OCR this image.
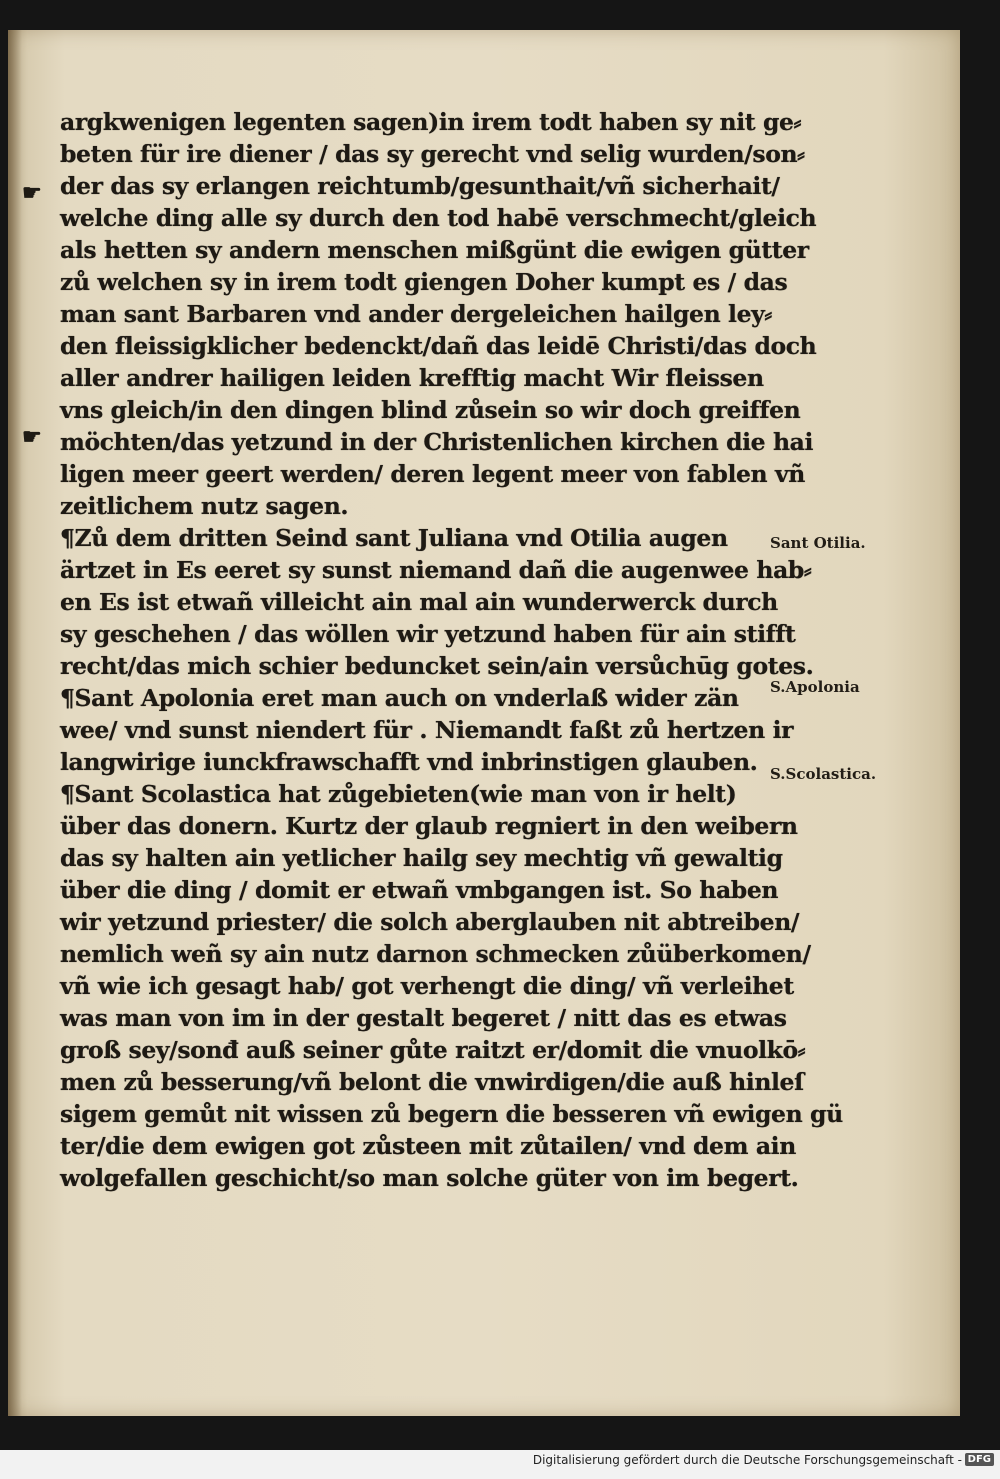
☛
☛
argkwenigen legenten sagen)in irem todt haben sy nit ge⸗
beten für ire diener / das sy gerecht vnd selig wurden/son⸗
der das sy erlangen reichtumb/gesunthait/vñ sicherhait/
welche ding alle sy durch den tod habē verschmecht/gleich
als hetten sy andern menschen mißgünt die ewigen gütter
zů welchen sy in irem todt giengen Doher kumpt es / das
man sant Barbaren vnd ander dergeleichen hailgen ley⸗
den fleissigklicher bedenckt/dañ das leidē Christi/das doch
aller andrer hailigen leiden krefftig macht Wir fleissen
vns gleich/in den dingen blind zůsein so wir doch greiffen
möchten/das yetzund in der Christenlichen kirchen die hai
ligen meer geert werden/ deren legent meer von fablen vñ
zeitlichem nutz sagen.
¶Zů dem dritten Seind sant Juliana vnd Otilia augen
ärtzet in Es eeret sy sunst niemand dañ die augenwee hab⸗
en Es ist etwañ villeicht ain mal ain wunderwerck durch
sy geschehen / das wöllen wir yetzund haben für ain stifft
recht/das mich schier beduncket sein/ain versůchūg gotes.
¶Sant Apolonia eret man auch on vnderlaß wider zän
wee/ vnd sunst niendert für . Niemandt faßt zů hertzen ir
langwirige iunckfrawschafft vnd inbrinstigen glauben.
¶Sant Scolastica hat zůgebieten(wie man von ir helt)
über das donern. Kurtz der glaub regniert in den weibern
das sy halten ain yetlicher hailg sey mechtig vñ gewaltig
über die ding / domit er etwañ vmbgangen ist. So haben
wir yetzund priester/ die solch aberglauben nit abtreiben/
nemlich weñ sy ain nutz darnon schmecken zůüberkomen/
vñ wie ich gesagt hab/ got verhengt die ding/ vñ verleihet
was man von im in der gestalt begeret / nitt das es etwas
groß sey/sonđ auß seiner gůte raitzt er/domit die vnuolkō⸗
men zů besserung/vñ belont die vnwirdigen/die auß hinleſ
sigem gemůt nit wissen zů begern die besseren vñ ewigen gü
ter/die dem ewigen got zůsteen mit zůtailen/ vnd dem ain
wolgefallen geschicht/so man solche güter von im begert.
Sant Otilia.
S.Apolonia
S.Scolastica.
Digitalisierung gefördert durch die Deutsche Forschungsgemeinschaft - DFG
